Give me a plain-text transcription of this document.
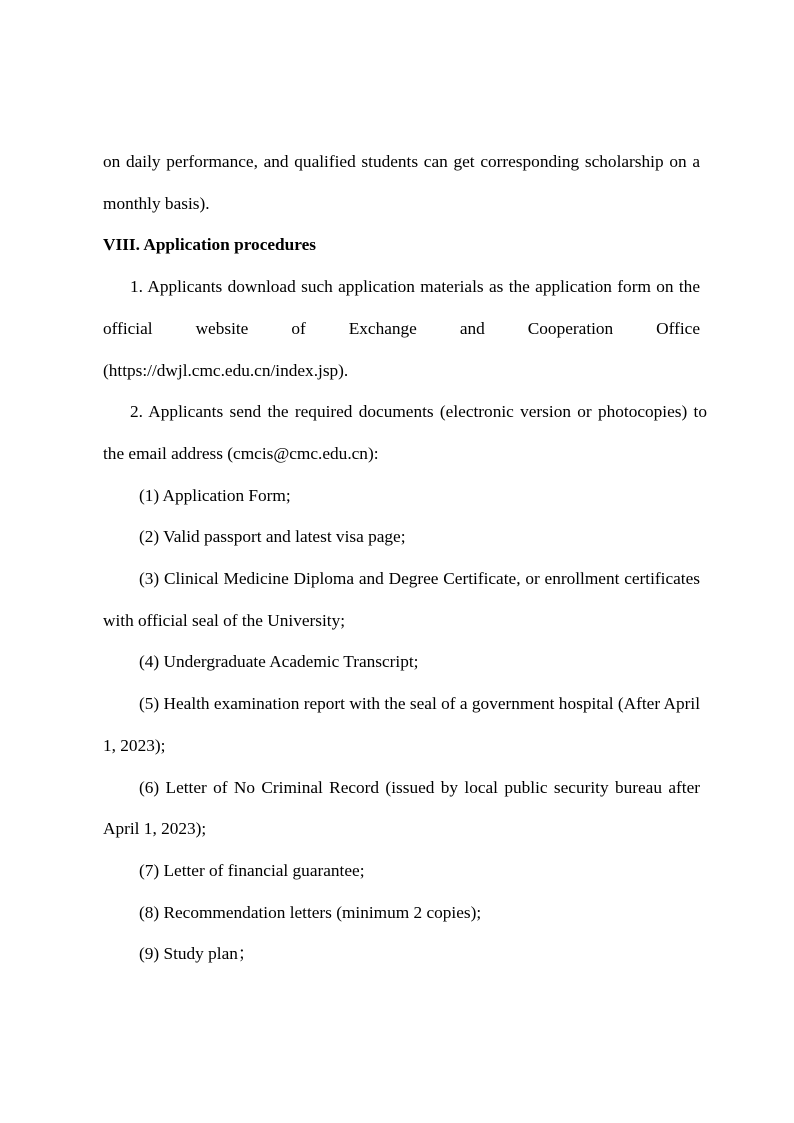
on daily performance, and qualified students can get corresponding scholarship on a monthly basis).

VIII. Application procedures

1. Applicants download such application materials as the application form on the official website of Exchange and Cooperation Office (https://dwjl.cmc.edu.cn/index.jsp).

2. Applicants send the required documents (electronic version or photocopies) to the email address (cmcis@cmc.edu.cn):

(1) Application Form;

(2) Valid passport and latest visa page;

(3) Clinical Medicine Diploma and Degree Certificate, or enrollment certificates with official seal of the University;

(4) Undergraduate Academic Transcript;

(5) Health examination report with the seal of a government hospital (After April 1, 2023);

(6) Letter of No Criminal Record (issued by local public security bureau after April 1, 2023);

(7) Letter of financial guarantee;

(8) Recommendation letters (minimum 2 copies);

(9) Study plan；
